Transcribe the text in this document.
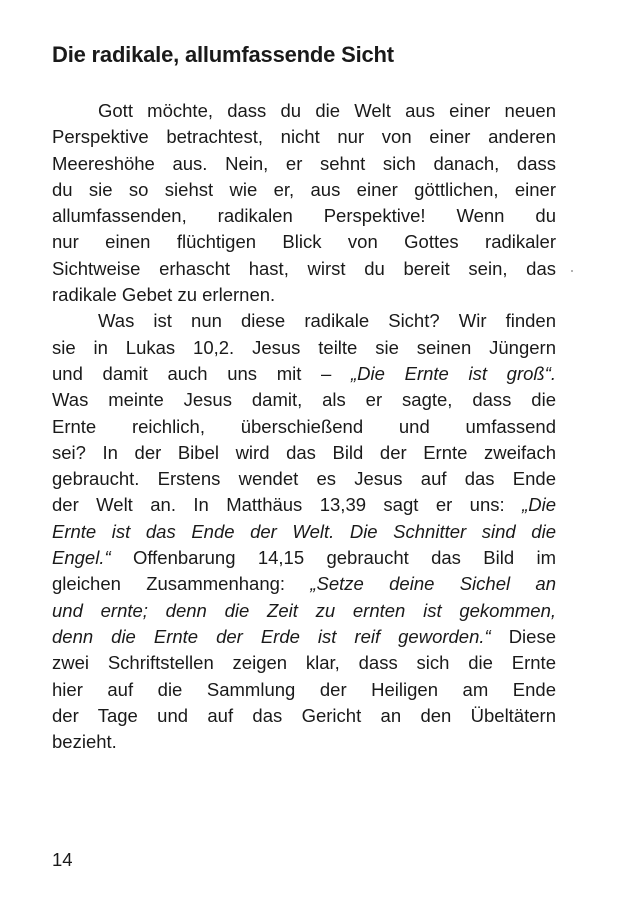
Die radikale, allumfassende Sicht
Gott möchte, dass du die Welt aus einer neuen
Perspektive betrachtest, nicht nur von einer anderen
Meereshöhe aus. Nein, er sehnt sich danach, dass
du sie so siehst wie er, aus einer göttlichen, einer
allumfassenden, radikalen Perspektive! Wenn du
nur einen flüchtigen Blick von Gottes radikaler
Sichtweise erhascht hast, wirst du bereit sein, das
radikale Gebet zu erlernen.
Was ist nun diese radikale Sicht? Wir finden
sie in Lukas 10,2. Jesus teilte sie seinen Jüngern
und damit auch uns mit – „Die Ernte ist groß“.
Was meinte Jesus damit, als er sagte, dass die
Ernte reichlich, überschießend und umfassend
sei? In der Bibel wird das Bild der Ernte zweifach
gebraucht. Erstens wendet es Jesus auf das Ende
der Welt an. In Matthäus 13,39 sagt er uns: „Die
Ernte ist das Ende der Welt. Die Schnitter sind die
Engel.“ Offenbarung 14,15 gebraucht das Bild im
gleichen Zusammenhang: „Setze deine Sichel an
und ernte; denn die Zeit zu ernten ist gekommen,
denn die Ernte der Erde ist reif geworden.“ Diese
zwei Schriftstellen zeigen klar, dass sich die Ernte
hier auf die Sammlung der Heiligen am Ende
der Tage und auf das Gericht an den Übeltätern
bezieht.
14
